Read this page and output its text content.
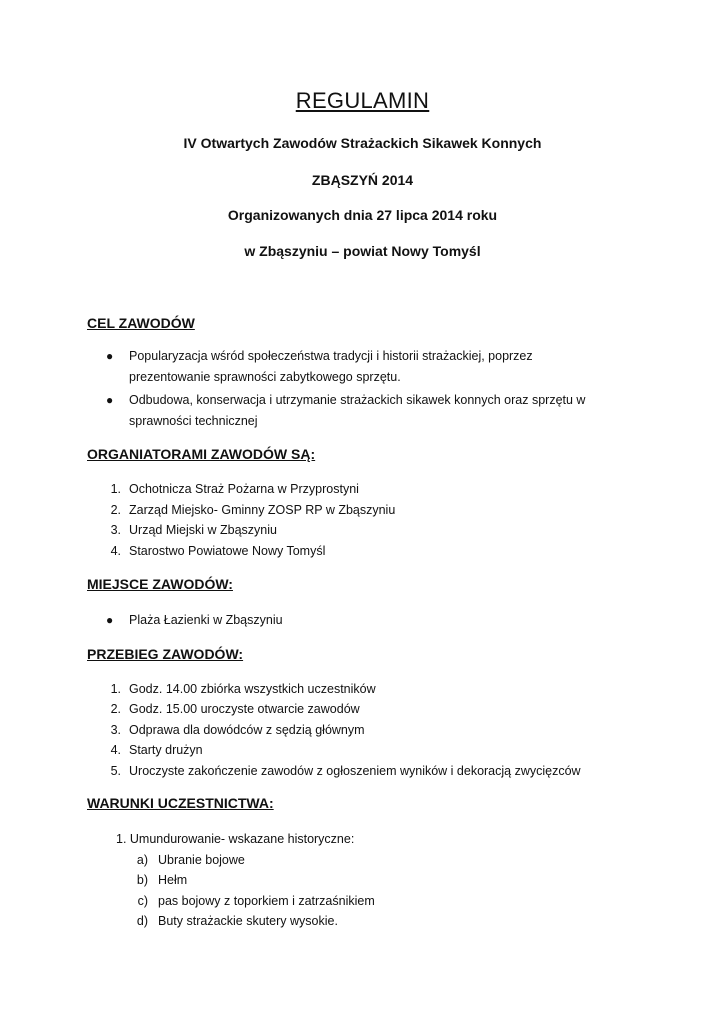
REGULAMIN
IV Otwartych Zawodów Strażackich Sikawek Konnych
ZBĄSZYŃ 2014
Organizowanych dnia 27 lipca 2014 roku
w Zbąszyniu – powiat Nowy Tomyśl
CEL ZAWODÓW
● Popularyzacja wśród społeczeństwa tradycji i historii strażackiej, poprzez
prezentowanie sprawności zabytkowego sprzętu.
● Odbudowa, konserwacja i utrzymanie strażackich sikawek konnych oraz sprzętu w
sprawności technicznej
ORGANIATORAMI ZAWODÓW SĄ:
1. Ochotnicza Straż Pożarna w Przyprostyni
2. Zarząd Miejsko- Gminny ZOSP RP w Zbąszyniu
3. Urząd Miejski w Zbąszyniu
4. Starostwo Powiatowe Nowy Tomyśl
MIEJSCE ZAWODÓW:
● Plaża Łazienki w Zbąszyniu
PRZEBIEG ZAWODÓW:
1. Godz. 14.00 zbiórka wszystkich uczestników
2. Godz. 15.00 uroczyste otwarcie zawodów
3. Odprawa dla dowódców z sędzią głównym
4. Starty drużyn
5. Uroczyste zakończenie zawodów z ogłoszeniem wyników i dekoracją zwycięzców
WARUNKI UCZESTNICTWA:
1. Umundurowanie- wskazane historyczne:
a) Ubranie bojowe
b) Hełm
c) pas bojowy z toporkiem i zatrzaśnikiem
d) Buty strażackie skutery wysokie.
